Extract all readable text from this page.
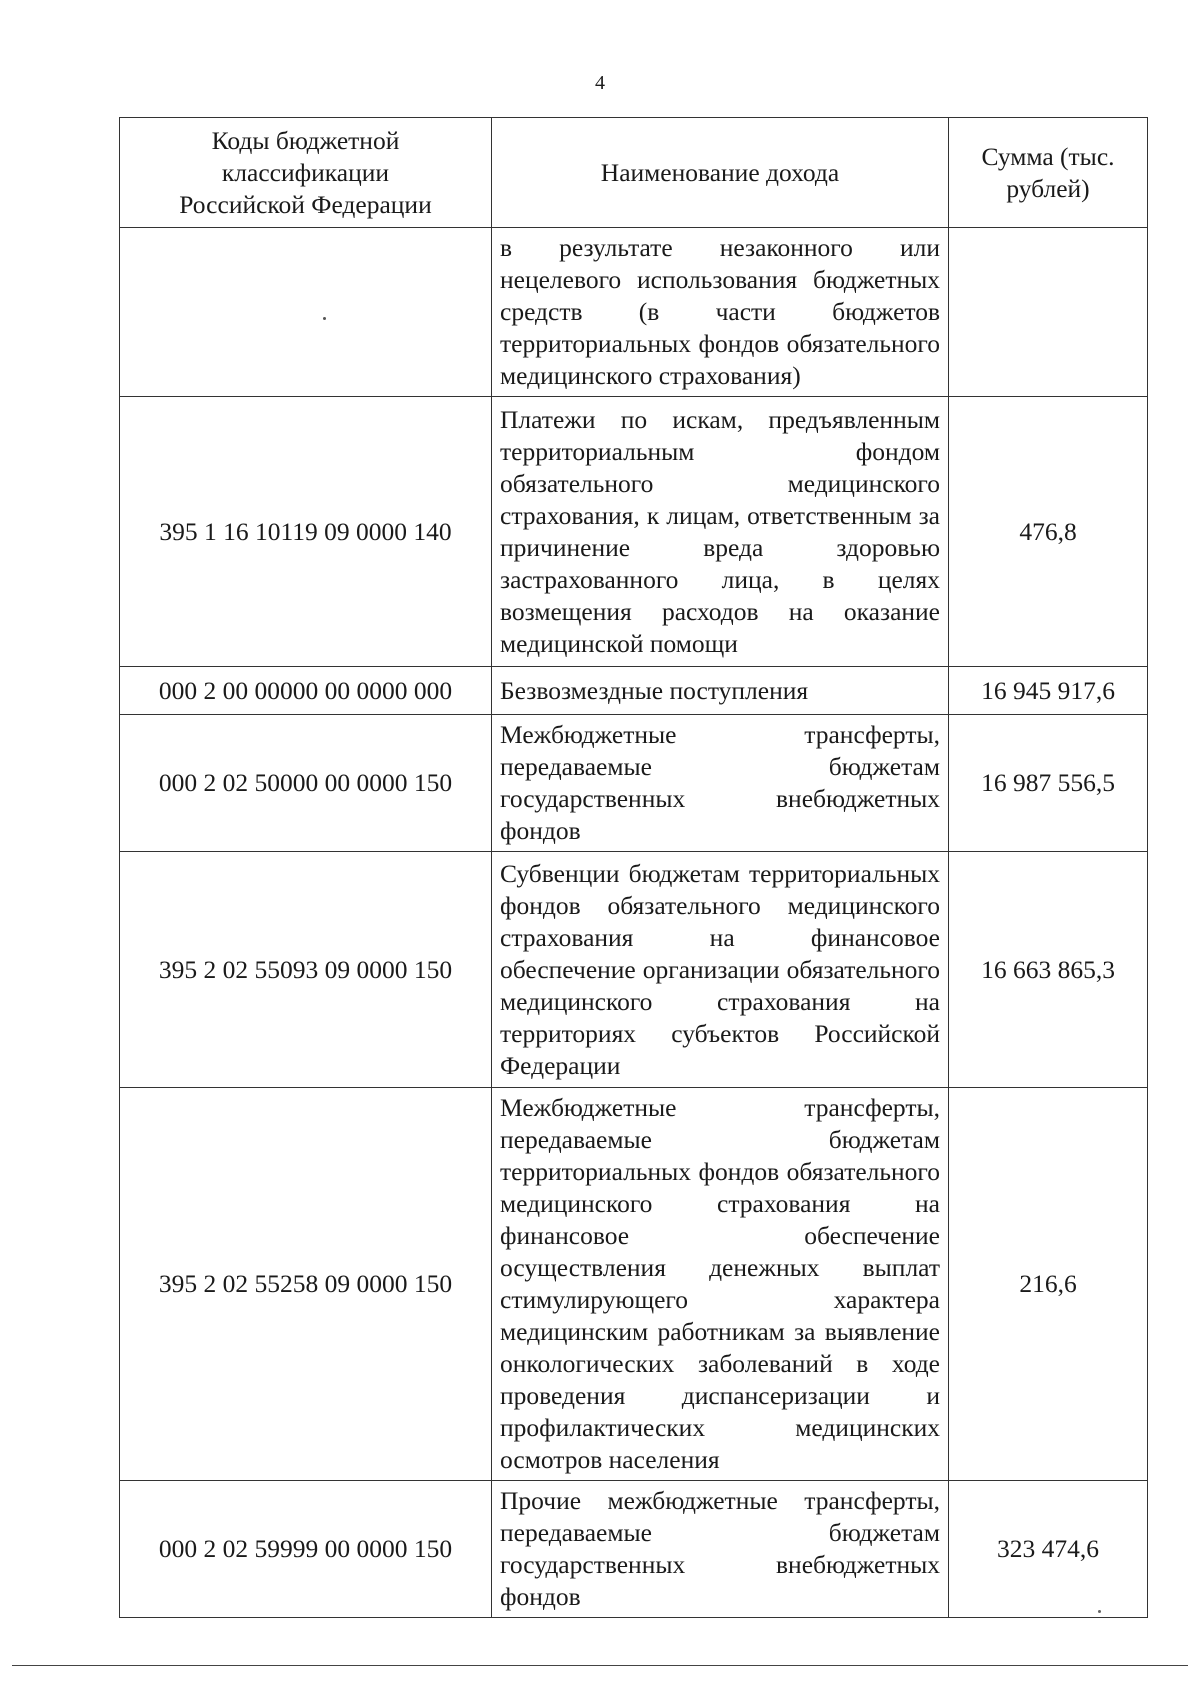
4
Коды бюджетной классификации Российской Федерации	Наименование дохода	Сумма (тыс. рублей)
	в результате незаконного или нецелевого использования бюджетных средств (в части бюджетов территориальных фондов обязательного медицинского страхования)	
395 1 16 10119 09 0000 140	Платежи по искам, предъявленным территориальным фондом обязательного медицинского страхования, к лицам, ответственным за причинение вреда здоровью застрахованного лица, в целях возмещения расходов на оказание медицинской помощи	476,8
000 2 00 00000 00 0000 000	Безвозмездные поступления	16 945 917,6
000 2 02 50000 00 0000 150	Межбюджетные трансферты, передаваемые бюджетам государственных внебюджетных фондов	16 987 556,5
395 2 02 55093 09 0000 150	Субвенции бюджетам территориальных фондов обязательного медицинского страхования на финансовое обеспечение организации обязательного медицинского страхования на территориях субъектов Российской Федерации	16 663 865,3
395 2 02 55258 09 0000 150	Межбюджетные трансферты, передаваемые бюджетам территориальных фондов обязательного медицинского страхования на финансовое обеспечение осуществления денежных выплат стимулирующего характера медицинским работникам за выявление онкологических заболеваний в ходе проведения диспансеризации и профилактических медицинских осмотров населения	216,6
000 2 02 59999 00 0000 150	Прочие межбюджетные трансферты, передаваемые бюджетам государственных внебюджетных фондов	323 474,6
